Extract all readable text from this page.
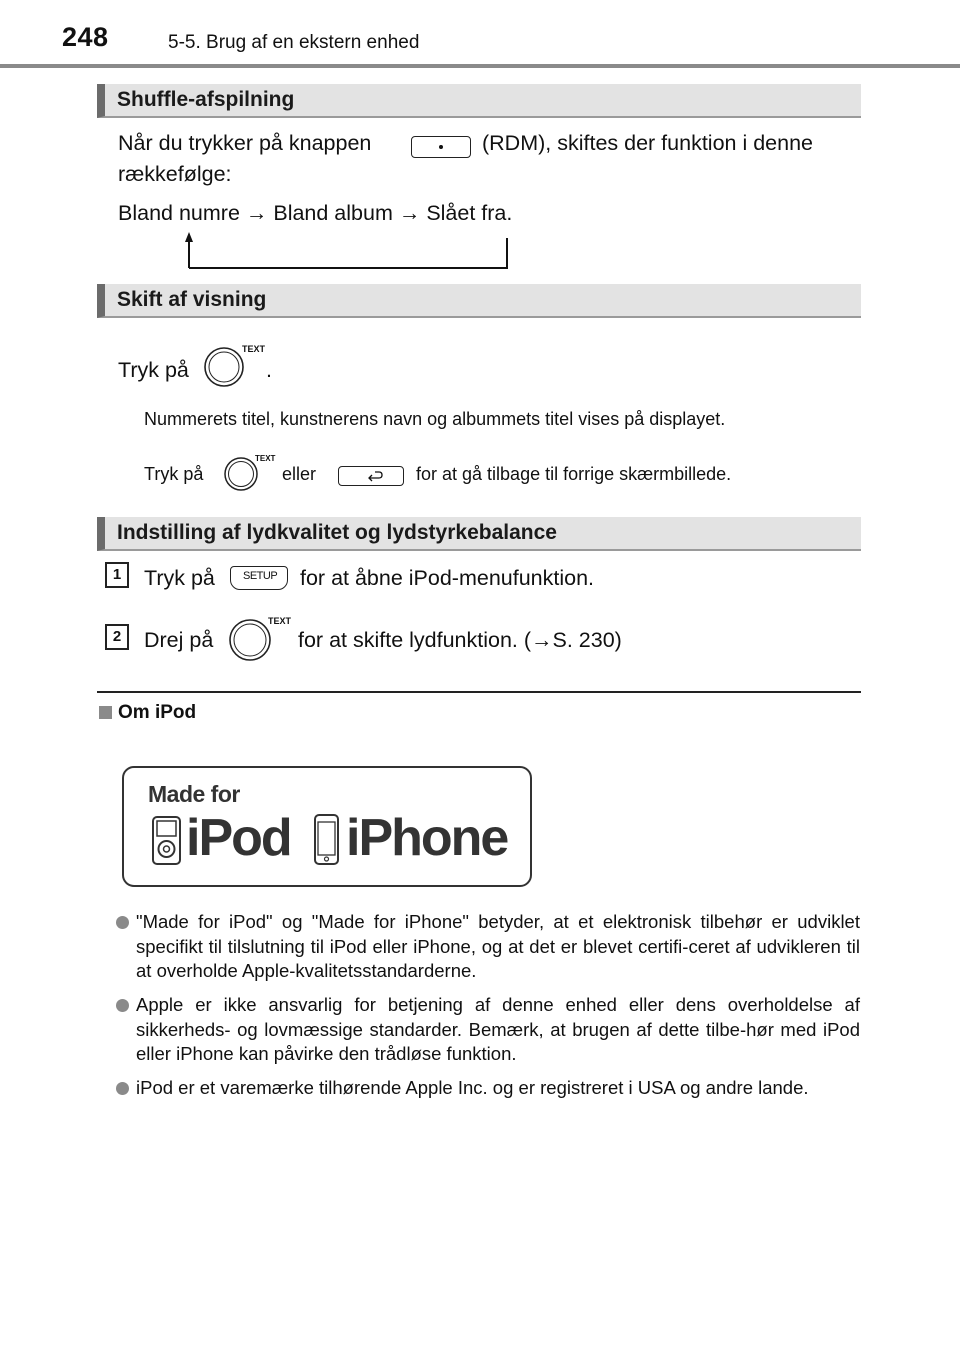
248	5-5. Brug af en ekstern enhed
Shuffle-afspilning
Når du trykker på knappen	(RDM), skiftes der funktion i denne
rækkefølge:
Bland numre → Bland album → Slået fra.
Skift af visning
Tryk på
TEXT
.
Nummerets titel, kunstnerens navn og albummets titel vises på displayet.
Tryk på
TEXT
eller	for at gå tilbage til forrige skærmbillede.
Indstilling af lydkvalitet og lydstyrkebalance
1	Tryk på	SETUP for at åbne iPod-menufunktion.
2	Drej på
TEXT
for at skifte lydfunktion. (→S. 230)
Om iPod
Made for
iPod iPhone
"Made for iPod" og "Made for iPhone" betyder, at et elektronisk tilbehør er udviklet specifikt til tilslutning til iPod eller iPhone, og at det er blevet certifi-ceret af udvikleren til at overholde Apple-kvalitetsstandarderne.
Apple er ikke ansvarlig for betjening af denne enhed eller dens overholdelse af sikkerheds- og lovmæssige standarder. Bemærk, at brugen af dette tilbe-hør med iPod eller iPhone kan påvirke den trådløse funktion.
iPod er et varemærke tilhørende Apple Inc. og er registreret i USA og andre lande.
